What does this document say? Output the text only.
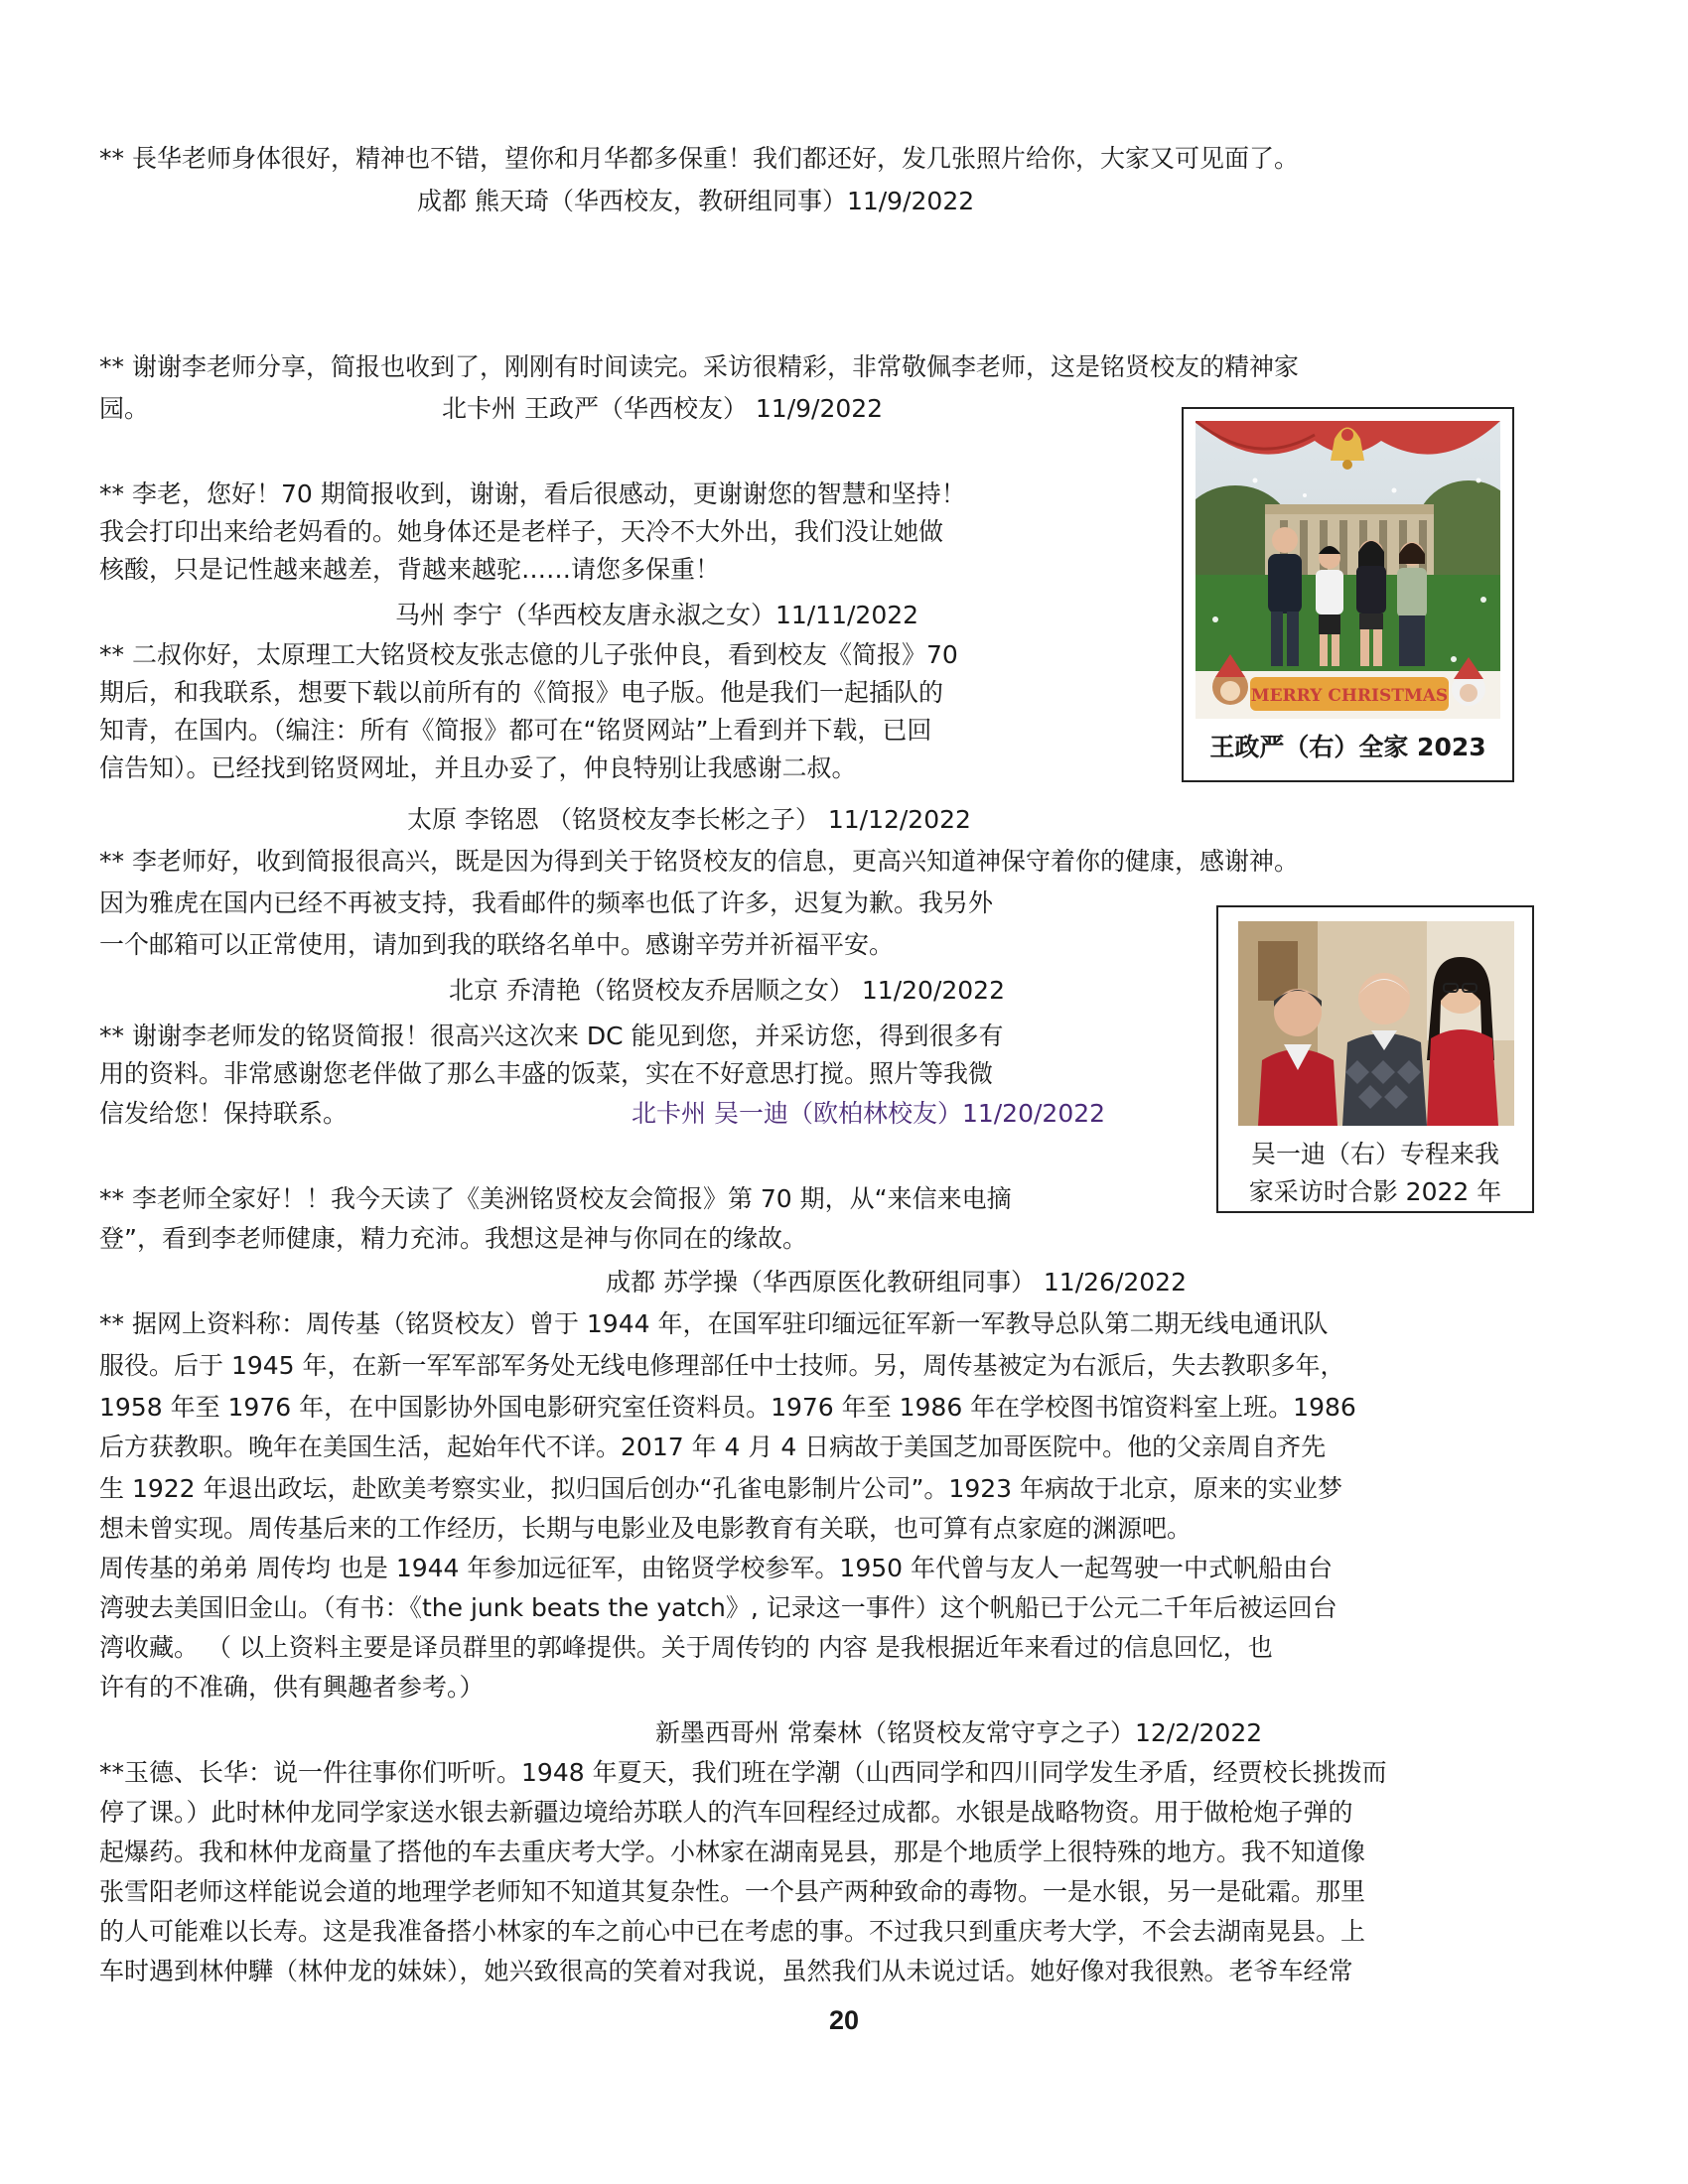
** 長华老师身体很好，精神也不错，望你和月华都多保重！我们都还好，发几张照片给你，大家又可见面了。
成都 熊天琦（华西校友，教研组同事）11/9/2022
** 谢谢李老师分享，简报也收到了，刚刚有时间读完。采访很精彩，非常敬佩李老师，这是铭贤校友的精神家
园。	北卡州 王政严（华西校友） 11/9/2022
** 李老，您好！70 期简报收到，谢谢，看后很感动，更谢谢您的智慧和坚持！
我会打印出来给老妈看的。她身体还是老样子，天冷不大外出，我们没让她做
核酸，只是记性越来越差，背越来越驼……请您多保重！
马州 李宁（华西校友唐永淑之女）11/11/2022
** 二叔你好，太原理工大铭贤校友张志億的儿子张仲良，看到校友《简报》70
期后，和我联系，想要下载以前所有的《简报》电子版。他是我们一起插队的
知青，在国内。（编注：所有《简报》都可在“铭贤网站”上看到并下载，已回
信告知）。已经找到铭贤网址，并且办妥了，仲良特别让我感谢二叔。
太原 李铭恩 （铭贤校友李长彬之子） 11/12/2022
** 李老师好，收到简报很高兴，既是因为得到关于铭贤校友的信息，更高兴知道神保守着你的健康，感谢神。
因为雅虎在国内已经不再被支持，我看邮件的频率也低了许多，迟复为歉。我另外
一个邮箱可以正常使用，请加到我的联络名单中。感谢辛劳并祈福平安。
北京 乔清艳（铭贤校友乔居顺之女） 11/20/2022
** 谢谢李老师发的铭贤简报！很高兴这次来 DC 能见到您，并采访您，得到很多有
用的资料。非常感谢您老伴做了那么丰盛的饭菜，实在不好意思打搅。照片等我微
信发给您！保持联系。	北卡州 吴一迪（欧柏林校友）11/20/2022
** 李老师全家好！！我今天读了《美洲铭贤校友会简报》第 70 期，从“来信来电摘
登”，看到李老师健康，精力充沛。我想这是神与你同在的缘故。
成都 苏学操（华西原医化教研组同事） 11/26/2022
** 据网上资料称：周传基（铭贤校友）曾于 1944 年，在国军驻印缅远征军新一军教导总队第二期无线电通讯队
服役。后于 1945 年，在新一军军部军务处无线电修理部任中士技师。另，周传基被定为右派后，失去教职多年，
1958 年至 1976 年，在中国影协外国电影研究室任资料员。1976 年至 1986 年在学校图书馆资料室上班。1986
后方获教职。晚年在美国生活，起始年代不详。2017 年 4 月 4 日病故于美国芝加哥医院中。他的父亲周自齐先
生 1922 年退出政坛，赴欧美考察实业，拟归国后创办“孔雀电影制片公司”。1923 年病故于北京，原来的实业梦
想未曾实现。周传基后来的工作经历，长期与电影业及电影教育有关联，也可算有点家庭的渊源吧。
周传基的弟弟 周传均 也是 1944 年参加远征军，由铭贤学校参军。1950 年代曾与友人一起驾驶一中式帆船由台
湾驶去美国旧金山。（有书：《the junk beats the yatch》, 记录这一事件）这个帆船已于公元二千年后被运回台
湾收藏。 （ 以上资料主要是译员群里的郭峰提供。关于周传钧的 内容 是我根据近年来看过的信息回忆，也
许有的不准确，供有興趣者参考。）
新墨西哥州 常秦林（铭贤校友常守亨之子）12/2/2022
**玉德、长华：说一件往事你们听听。1948 年夏天，我们班在学潮（山西同学和四川同学发生矛盾，经贾校长挑拨而
停了课。）此时林仲龙同学家送水银去新疆边境给苏联人的汽车回程经过成都。水银是战略物资。用于做枪炮子弹的
起爆药。我和林仲龙商量了搭他的车去重庆考大学。小林家在湖南晃县，那是个地质学上很特殊的地方。我不知道像
张雪阳老师这样能说会道的地理学老师知不知道其复杂性。一个县产两种致命的毒物。一是水银，另一是砒霜。那里
的人可能难以长寿。这是我准备搭小林家的车之前心中已在考虑的事。不过我只到重庆考大学，不会去湖南晃县。上
车时遇到林仲驊（林仲龙的妹妹），她兴致很高的笑着对我说，虽然我们从未说过话。她好像对我很熟。老爷车经常
MERRY CHRISTMAS
王政严（右）全家 2023
吴一迪（右）专程来我
家采访时合影 2022 年
20
